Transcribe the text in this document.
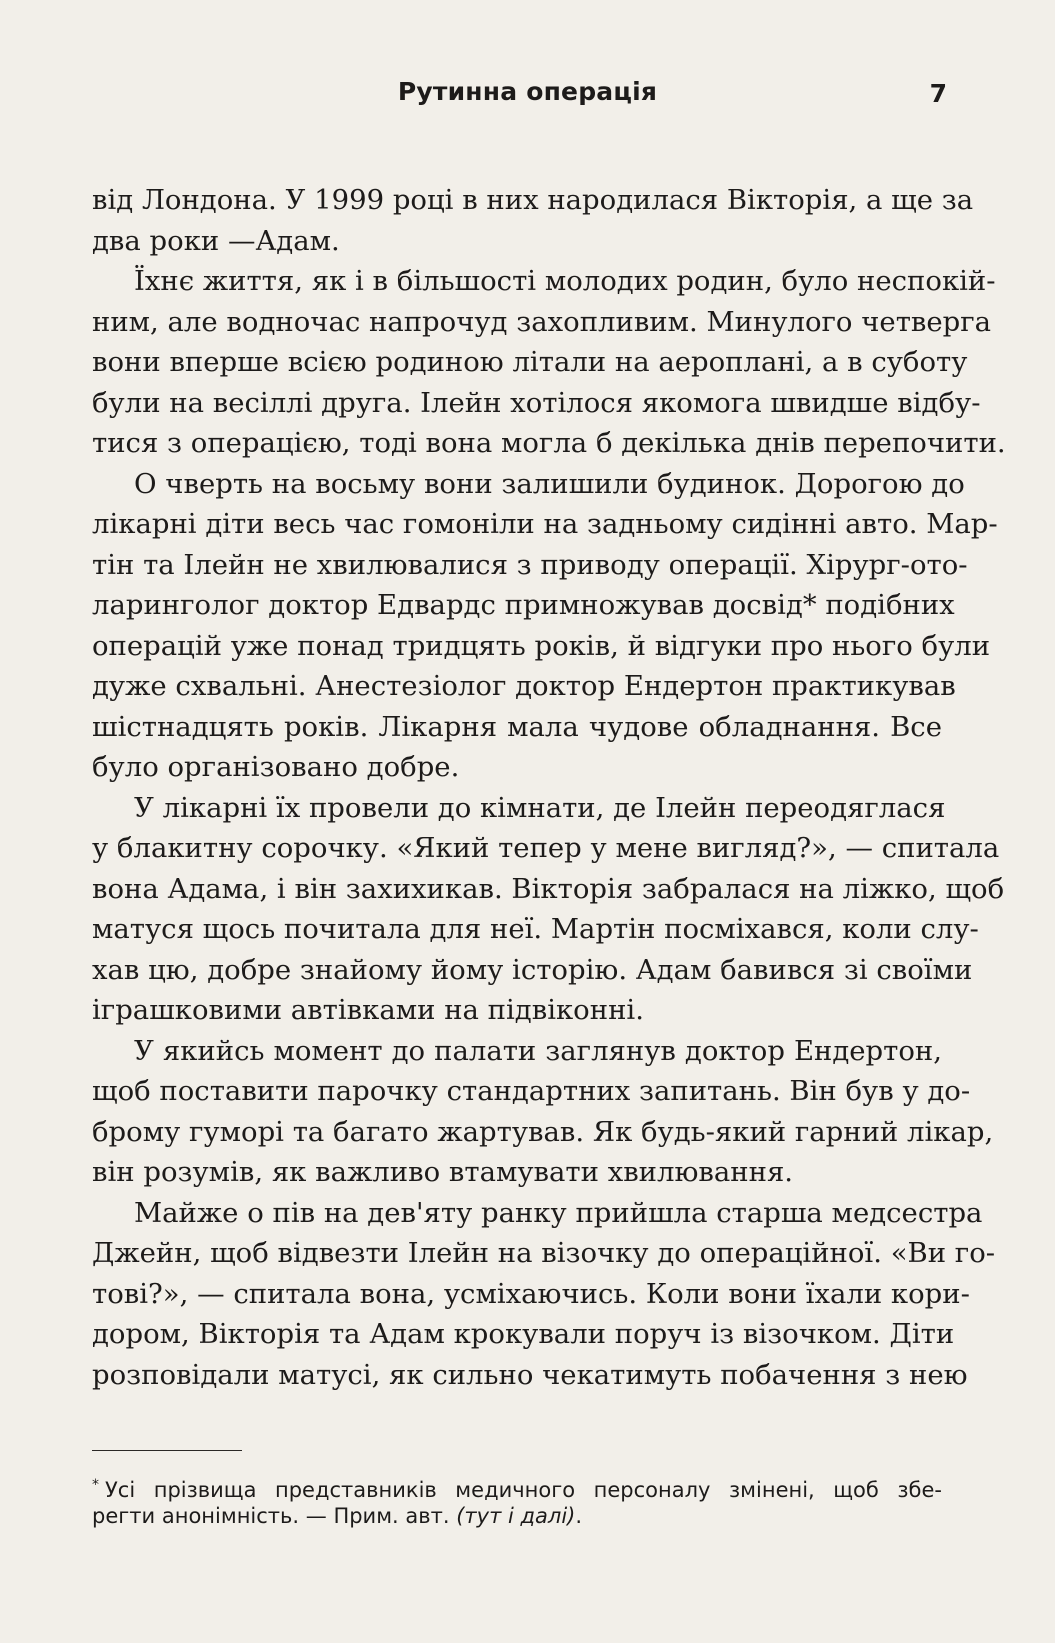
Рутинна операція	7
від Лондона. У 1999 році в них народилася Вікторія, а ще за
два роки —Адам.
Їхнє життя, як і в більшості молодих родин, було неспокій-
ним, але водночас напрочуд захопливим. Минулого четверга
вони вперше всією родиною літали на аероплані, а в суботу
були на весіллі друга. Ілейн хотілося якомога швидше відбу-
тися з операцією, тоді вона могла б декілька днів перепочити.
О чверть на восьму вони залишили будинок. Дорогою до
лікарні діти весь час гомоніли на задньому сидінні авто. Мар-
тін та Ілейн не хвилювалися з приводу операції. Хірург-ото-
ларинголог доктор Едвардс примножував досвід* подібних
операцій уже понад тридцять років, й відгуки про нього були
дуже схвальні. Анестезіолог доктор Ендертон практикував
шістнадцять років. Лікарня мала чудове обладнання. Все
було організовано добре.
У лікарні їх провели до кімнати, де Ілейн переодяглася
у блакитну сорочку. «Який тепер у мене вигляд?», — спитала
вона Адама, і він захихикав. Вікторія забралася на ліжко, щоб
матуся щось почитала для неї. Мартін посміхався, коли слу-
хав цю, добре знайому йому історію. Адам бавився зі своїми
іграшковими автівками на підвіконні.
У якийсь момент до палати заглянув доктор Ендертон,
щоб поставити парочку стандартних запитань. Він був у до-
брому гуморі та багато жартував. Як будь-який гарний лікар,
він розумів, як важливо втамувати хвилювання.
Майже о пів на дев'яту ранку прийшла старша медсестра
Джейн, щоб відвезти Ілейн на візочку до операційної. «Ви го-
тові?», — спитала вона, усміхаючись. Коли вони їхали кори-
дором, Вікторія та Адам крокували поруч із візочком. Діти
розповідали матусі, як сильно чекатимуть побачення з нею
* Усі прізвища представників медичного персоналу змінені, щоб збе-
регти анонімність. — Прим. авт. (тут і далі).
